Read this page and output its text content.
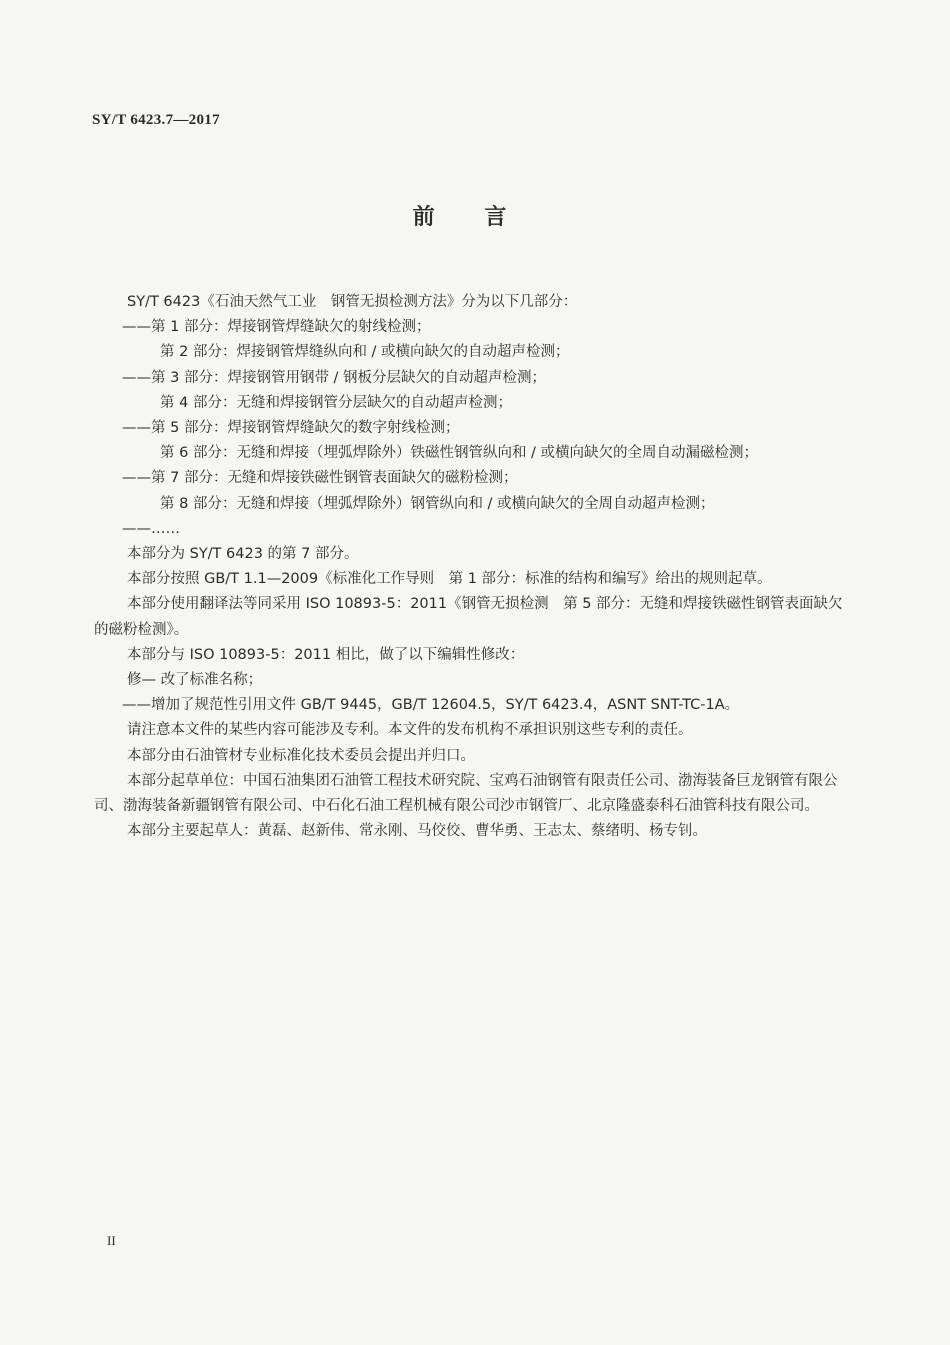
SY/T 6423.7—2017
前 言
SY/T 6423《石油天然气工业　钢管无损检测方法》分为以下几部分：
——第 1 部分：焊接钢管焊缝缺欠的射线检测；
第 2 部分：焊接钢管焊缝纵向和 / 或横向缺欠的自动超声检测；
——第 3 部分：焊接钢管用钢带 / 钢板分层缺欠的自动超声检测；
第 4 部分：无缝和焊接钢管分层缺欠的自动超声检测；
——第 5 部分：焊接钢管焊缝缺欠的数字射线检测；
第 6 部分：无缝和焊接（埋弧焊除外）铁磁性钢管纵向和 / 或横向缺欠的全周自动漏磁检测；
——第 7 部分：无缝和焊接铁磁性钢管表面缺欠的磁粉检测；
第 8 部分：无缝和焊接（埋弧焊除外）钢管纵向和 / 或横向缺欠的全周自动超声检测；
——……
本部分为 SY/T 6423 的第 7 部分。
本部分按照 GB/T 1.1—2009《标准化工作导则　第 1 部分：标准的结构和编写》给出的规则起草。
本部分使用翻译法等同采用 ISO 10893-5：2011《钢管无损检测　第 5 部分：无缝和焊接铁磁性钢管表面缺欠的磁粉检测》。
本部分与 ISO 10893-5：2011 相比，做了以下编辑性修改：
修— 改了标准名称；
——增加了规范性引用文件 GB/T 9445，GB/T 12604.5，SY/T 6423.4，ASNT SNT-TC-1A。
请注意本文件的某些内容可能涉及专利。本文件的发布机构不承担识别这些专利的责任。
本部分由石油管材专业标准化技术委员会提出并归口。
本部分起草单位：中国石油集团石油管工程技术研究院、宝鸡石油钢管有限责任公司、渤海装备巨龙钢管有限公司、渤海装备新疆钢管有限公司、中石化石油工程机械有限公司沙市钢管厂、北京隆盛泰科石油管科技有限公司。
本部分主要起草人：黄磊、赵新伟、常永刚、马佼佼、曹华勇、王志太、蔡绪明、杨专钊。
II
